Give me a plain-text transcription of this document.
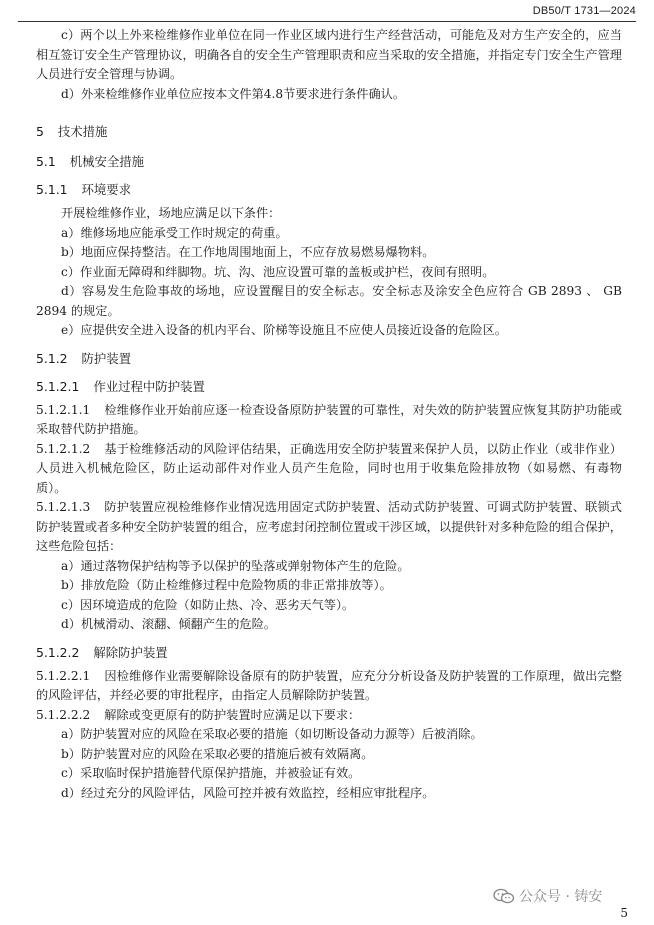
DB50/T 1731—2024

c）两个以上外来检维修作业单位在同一作业区域内进行生产经营活动，可能危及对方生产安全的，应当相互签订安全生产管理协议，明确各自的安全生产管理职责和应当采取的安全措施，并指定专门安全生产管理人员进行安全管理与协调。

d）外来检维修作业单位应按本文件第4.8节要求进行条件确认。

5 技术措施
5.1 机械安全措施
5.1.1 环境要求

开展检维修作业，场地应满足以下条件：

a）维修场地应能承受工作时规定的荷重。

b）地面应保持整洁。在工作地周围地面上，不应存放易燃易爆物料。

c）作业面无障碍和绊脚物。坑、沟、池应设置可靠的盖板或护栏，夜间有照明。

d）容易发生危险事故的场地，应设置醒目的安全标志。安全标志及涂安全色应符合 GB 2893 、 GB 2894 的规定。

e）应提供安全进入设备的机内平台、阶梯等设施且不应使人员接近设备的危险区。

5.1.2 防护装置
5.1.2.1 作业过程中防护装置

5.1.2.1.1 检维修作业开始前应逐一检查设备原防护装置的可靠性，对失效的防护装置应恢复其防护功能或采取替代防护措施。

5.1.2.1.2 基于检维修活动的风险评估结果，正确选用安全防护装置来保护人员，以防止作业（或非作业）人员进入机械危险区，防止运动部件对作业人员产生危险，同时也用于收集危险排放物（如易燃、有毒物质）。

5.1.2.1.3 防护装置应视检维修作业情况选用固定式防护装置、活动式防护装置、可调式防护装置、联锁式防护装置或者多种安全防护装置的组合，应考虑封闭控制位置或干涉区域，以提供针对多种危险的组合保护，这些危险包括：

a）通过落物保护结构等予以保护的坠落或弹射物体产生的危险。

b）排放危险（防止检维修过程中危险物质的非正常排放等）。

c）因环境造成的危险（如防止热、冷、恶劣天气等）。

d）机械滑动、滚翻、倾翻产生的危险。

5.1.2.2 解除防护装置

5.1.2.2.1 因检维修作业需要解除设备原有的防护装置，应充分分析设备及防护装置的工作原理，做出完整的风险评估，并经必要的审批程序，由指定人员解除防护装置。

5.1.2.2.2 解除或变更原有的防护装置时应满足以下要求：

a）防护装置对应的风险在采取必要的措施（如切断设备动力源等）后被消除。

b）防护装置对应的风险在采取必要的措施后被有效隔离。

c）采取临时保护措施替代原保护措施，并被验证有效。

d）经过充分的风险评估，风险可控并被有效监控，经相应审批程序。

公众号 · 铸安
5
